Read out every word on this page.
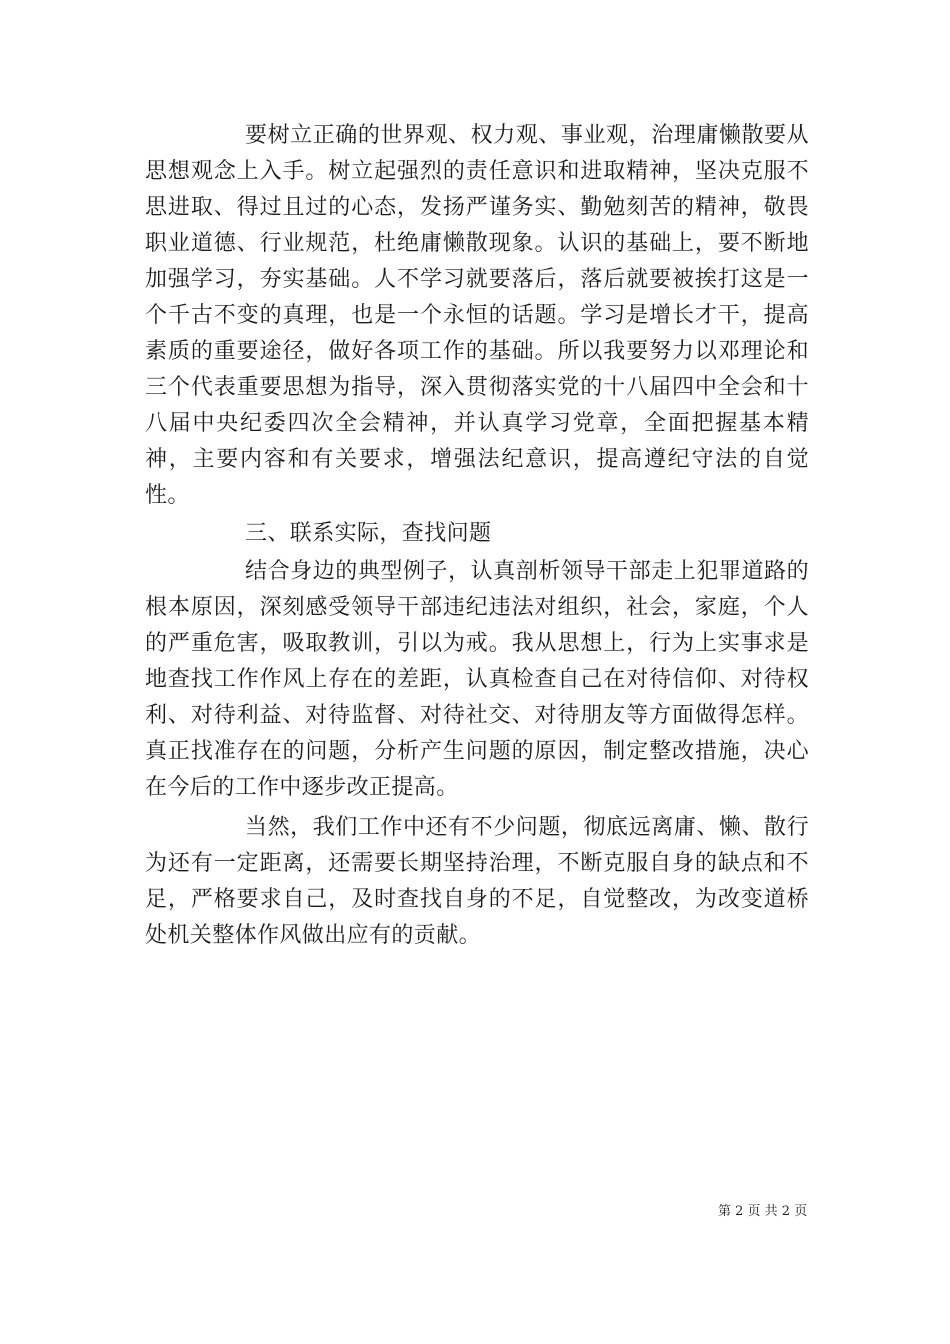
要树立正确的世界观、权力观、事业观，治理庸懒散要从思想观念上入手。树立起强烈的责任意识和进取精神，坚决克服不思进取、得过且过的心态，发扬严谨务实、勤勉刻苦的精神，敬畏职业道德、行业规范，杜绝庸懒散现象。认识的基础上，要不断地加强学习，夯实基础。人不学习就要落后，落后就要被挨打这是一个千古不变的真理，也是一个永恒的话题。学习是增长才干，提高素质的重要途径，做好各项工作的基础。所以我要努力以邓理论和三个代表重要思想为指导，深入贯彻落实党的十八届四中全会和十八届中央纪委四次全会精神，并认真学习党章，全面把握基本精神，主要内容和有关要求，增强法纪意识，提高遵纪守法的自觉性。

三、联系实际，查找问题

结合身边的典型例子，认真剖析领导干部走上犯罪道路的根本原因，深刻感受领导干部违纪违法对组织，社会，家庭，个人的严重危害，吸取教训，引以为戒。我从思想上，行为上实事求是地查找工作作风上存在的差距，认真检查自己在对待信仰、对待权利、对待利益、对待监督、对待社交、对待朋友等方面做得怎样。真正找准存在的问题，分析产生问题的原因，制定整改措施，决心在今后的工作中逐步改正提高。

当然，我们工作中还有不少问题，彻底远离庸、懒、散行为还有一定距离，还需要长期坚持治理，不断克服自身的缺点和不足，严格要求自己，及时查找自身的不足，自觉整改，为改变道桥处机关整体作风做出应有的贡献。

第 2 页 共 2 页
